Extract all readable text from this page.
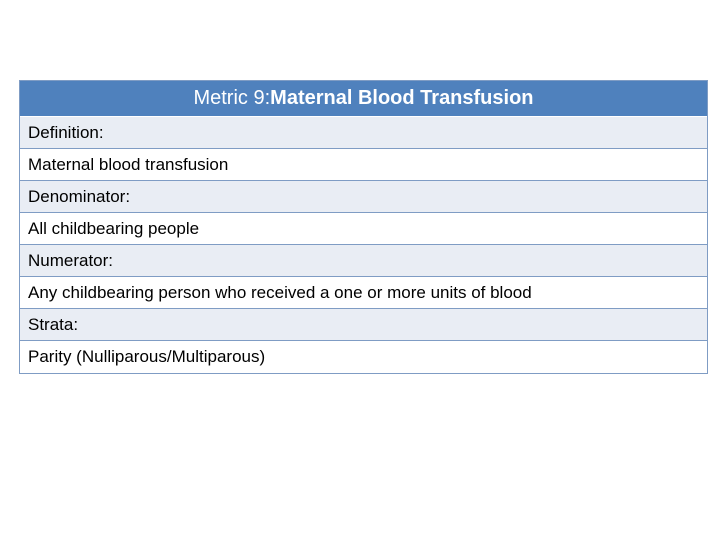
Metric 9: Maternal Blood Transfusion
Definition:
Maternal blood transfusion
Denominator:
All childbearing people
Numerator:
Any childbearing person who received a one or more units of blood
Strata:
Parity (Nulliparous/Multiparous)
